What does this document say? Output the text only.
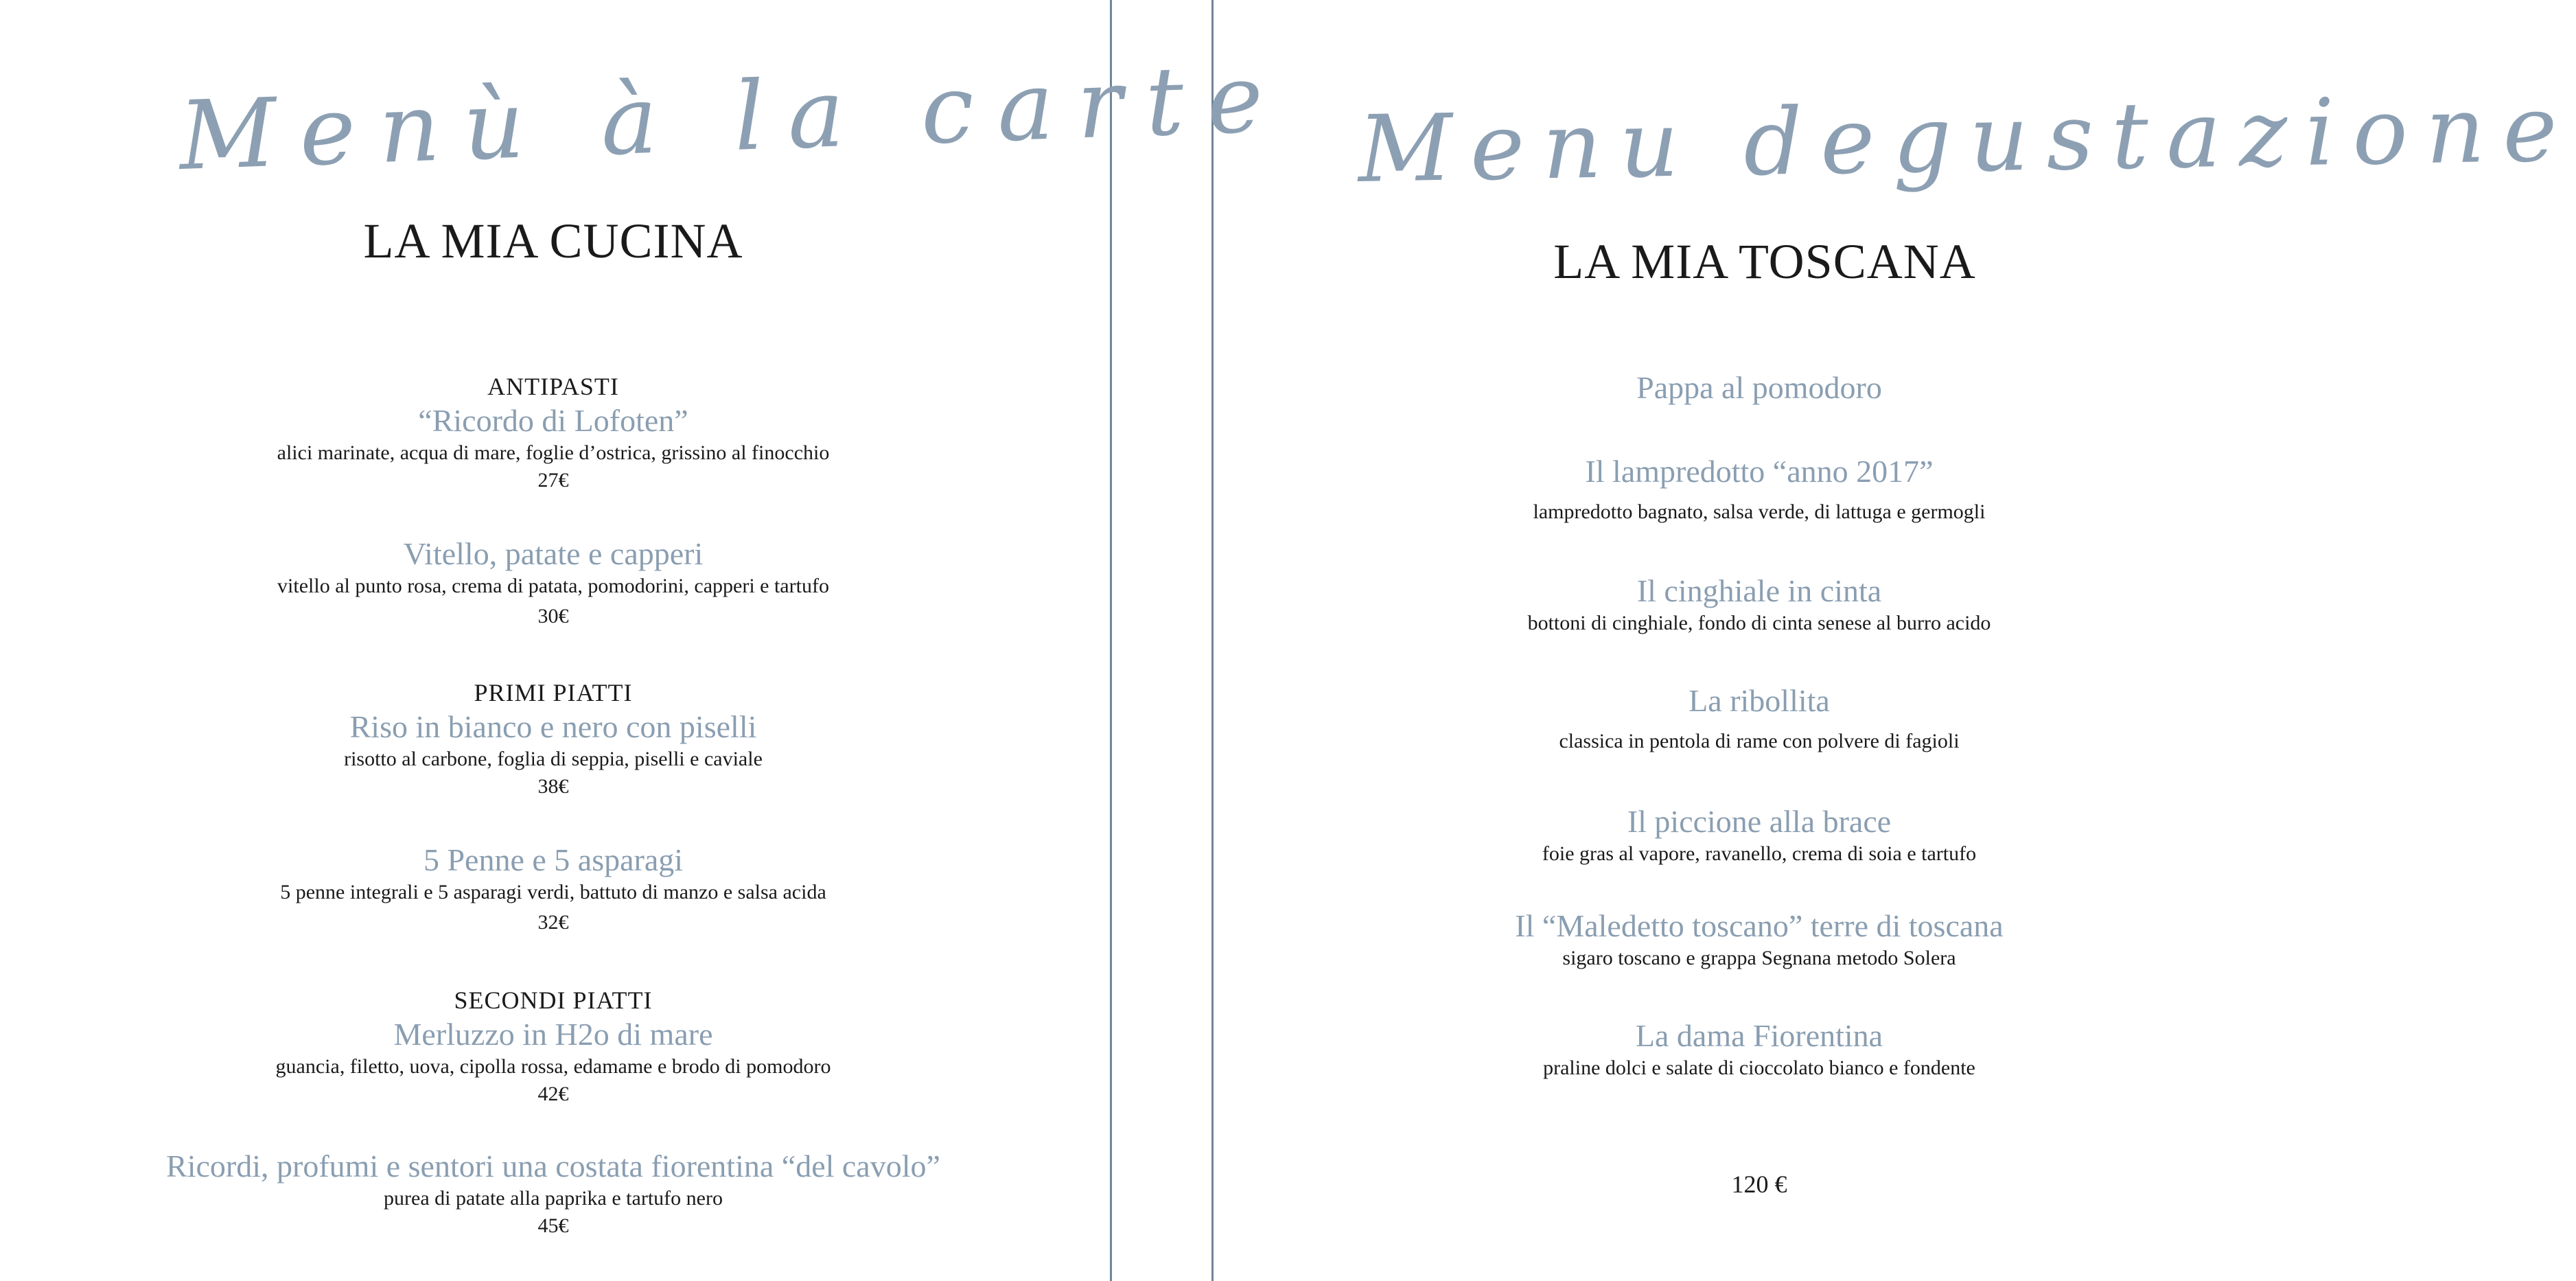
Menù à la carte
LA MIA CUCINA
ANTIPASTI
“Ricordo di Lofoten”
alici marinate, acqua di mare, foglie d’ostrica, grissino al finocchio
27€
Vitello, patate e capperi
vitello al punto rosa, crema di patata, pomodorini, capperi e tartufo
30€
PRIMI PIATTI
Riso in bianco e nero con piselli
risotto al carbone, foglia di seppia, piselli e caviale
38€
5 Penne e 5 asparagi
5 penne integrali e 5 asparagi verdi, battuto di manzo e salsa acida
32€
SECONDI PIATTI
Merluzzo in H2o di mare
guancia, filetto, uova, cipolla rossa, edamame e brodo di pomodoro
42€
Ricordi, profumi e sentori una costata fiorentina “del cavolo”
purea di patate alla paprika e tartufo nero
45€
Menu degustazione
LA MIA TOSCANA
Pappa al pomodoro
Il lampredotto “anno 2017”
lampredotto bagnato, salsa verde, di lattuga e germogli
Il cinghiale in cinta
bottoni di cinghiale, fondo di cinta senese al burro acido
La ribollita
classica in pentola di rame con polvere di fagioli
Il piccione alla brace
foie gras al vapore, ravanello, crema di soia e tartufo
Il “Maledetto toscano” terre di toscana
sigaro toscano e grappa Segnana metodo Solera
La dama Fiorentina
praline dolci e salate di cioccolato bianco e fondente
120 €
